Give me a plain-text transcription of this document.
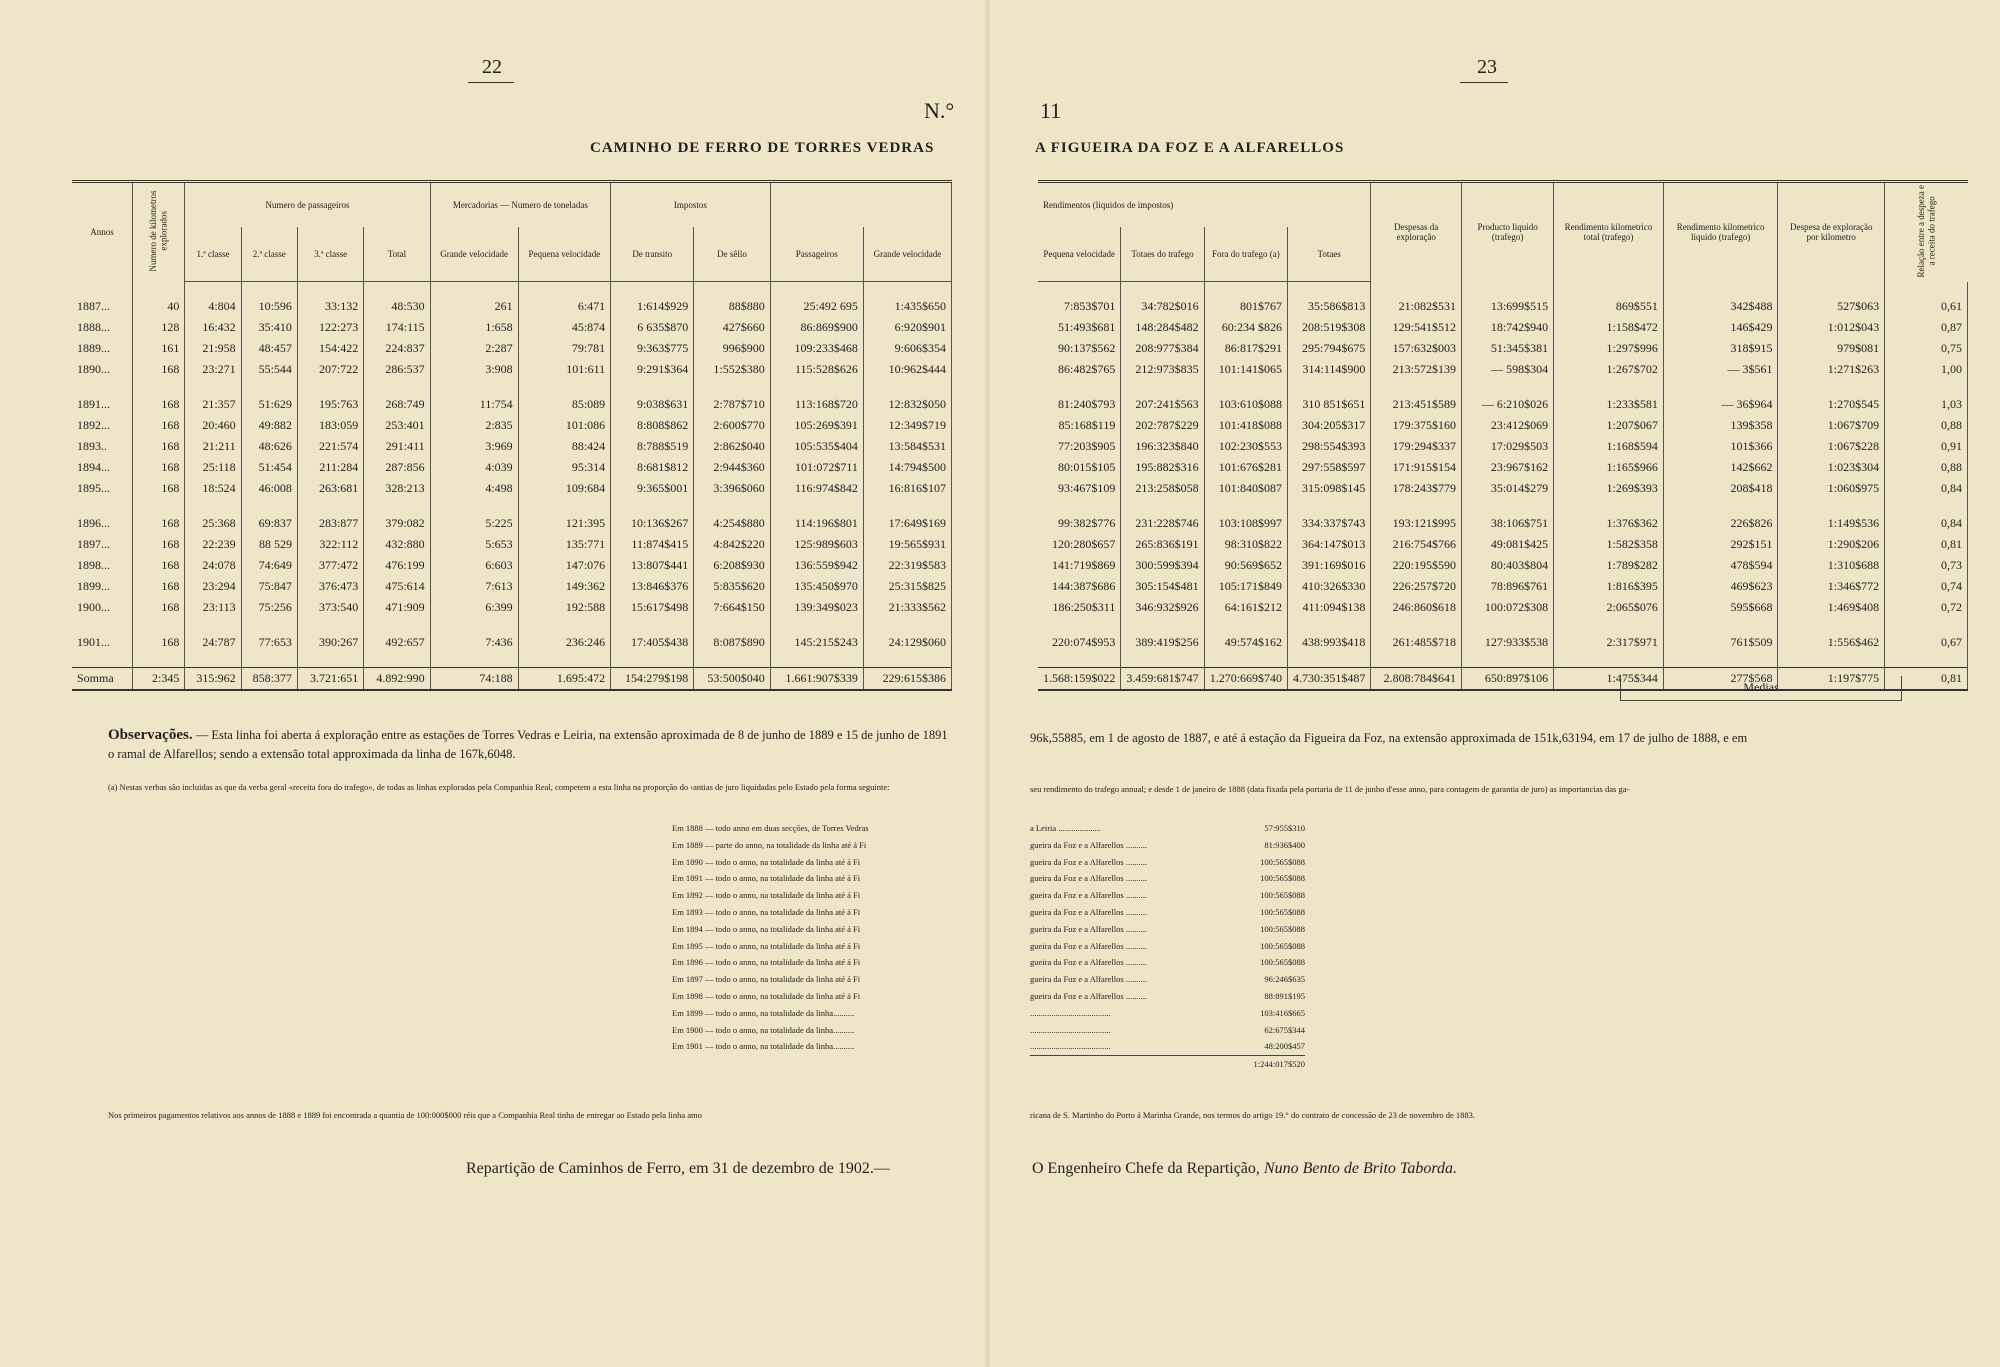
22
N.°
CAMINHO DE FERRO DE TORRES VEDRAS
Annos	Numero de kilometros explorados	Numero de passageiros				Mercadorias — Numero de toneladas		Impostos			
		1.ª classe	2.ª classe	3.ª classe	Total	Grande velocidade	Pequena velocidade	De transito	De sêllo	Passageiros	Grande velocidade

1887...	40	4:804	10:596	33:132	48:530	261	6:471	1:614$929	88$880	25:492 695	1:435$650
1888...	128	16:432	35:410	122:273	174:115	1:658	45:874	6 635$870	427$660	86:869$900	6:920$901
1889...	161	21:958	48:457	154:422	224:837	2:287	79:781	9:363$775	996$900	109:233$468	9:606$354
1890...	168	23:271	55:544	207:722	286:537	3:908	101:611	9:291$364	1:552$380	115:528$626	10:962$444

1891...	168	21:357	51:629	195:763	268:749	11:754	85:089	9:038$631	2:787$710	113:168$720	12:832$050
1892...	168	20:460	49:882	183:059	253:401	2:835	101:086	8:808$862	2:600$770	105:269$391	12:349$719
1893..	168	21:211	48:626	221:574	291:411	3:969	88:424	8:788$519	2:862$040	105:535$404	13:584$531
1894...	168	25:118	51:454	211:284	287:856	4:039	95:314	8:681$812	2:944$360	101:072$711	14:794$500
1895...	168	18:524	46:008	263:681	328:213	4:498	109:684	9:365$001	3:396$060	116:974$842	16:816$107

1896...	168	25:368	69:837	283:877	379:082	5:225	121:395	10:136$267	4:254$880	114:196$801	17:649$169
1897...	168	22:239	88 529	322:112	432:880	5:653	135:771	11:874$415	4:842$220	125:989$603	19:565$931
1898...	168	24:078	74:649	377:472	476:199	6:603	147:076	13:807$441	6:208$930	136:559$942	22:319$583
1899...	168	23:294	75:847	376:473	475:614	7:613	149:362	13:846$376	5:835$620	135:450$970	25:315$825
1900...	168	23:113	75:256	373:540	471:909	6:399	192:588	15:617$498	7:664$150	139:349$023	21:333$562

1901...	168	24:787	77:653	390:267	492:657	7:436	236:246	17:405$438	8:087$890	145:215$243	24:129$060

Somma	2:345	315:962	858:377	3.721:651	4.892:990	74:188	1.695:472	154:279$198	53:500$040	1.661:907$339	229:615$386
Observações. — Esta linha foi aberta á exploração entre as estações de Torres Vedras e Leiria, na extensão aproximada de 8 de junho de 1889 e 15 de junho de 1891 o ramal de Alfarellos; sendo a extensão total approximada da linha de 167k,6048.
(a) Nestas verbas são incluidas as que da verba geral «receita fora do trafego», de todas as linhas exploradas pela Companhia Real, competem a esta linha na proporção do ›antias de juro liquidadas pelo Estado pela forma seguinte:
Em 1888 — todo anno em duas secções, de Torres Vedras
Em 1889 — parte do anno, na totalidade da linha até á Fi
Em 1890 — todo o anno, na totalidade da linha até á Fi
Em 1891 — todo o anno, na totalidade da linha até á Fi
Em 1892 — todo o anno, na totalidade da linha até á Fi
Em 1893 — todo o anno, na totalidade da linha até á Fi
Em 1894 — todo o anno, na totalidade da linha até á Fi
Em 1895 — todo o anno, na totalidade da linha até á Fi
Em 1896 — todo o anno, na totalidade da linha até á Fi
Em 1897 — todo o anno, na totalidade da linha até á Fi
Em 1898 — todo o anno, na totalidade da linha até á Fi
Em 1899 — todo o anno, na totalidade da linha..........
Em 1900 — todo o anno, na totalidade da linha..........
Em 1901 — todo o anno, na totalidade da linha..........
Nos primeiros pagamentos relativos aos annos de 1888 e 1889 foi encontrada a quantia de 100:000$000 réis que a Companhia Real tinha de entregar ao Estado pela linha amo
Repartição de Caminhos de Ferro, em 31 de dezembro de 1902.—
23
11
A FIGUEIRA DA FOZ E A ALFARELLOS
Rendimentos (liquidos de impostos)				Despesas da exploração	Producto liquido (trafego)	Rendimento kilometrico total (trafego)	Rendimento kilometrico liquido (trafego)	Despesa de exploração por kilometro	Relação entre a despeza e a receita do trafego
Pequena velocidade	Totaes do trafego	Fora do trafego (a)	Totaes						

7:853$701	34:782$016	801$767	35:586$813	21:082$531	13:699$515	869$551	342$488	527$063	0,61
51:493$681	148:284$482	60:234 $826	208:519$308	129:541$512	18:742$940	1:158$472	146$429	1:012$043	0,87
90:137$562	208:977$384	86:817$291	295:794$675	157:632$003	51:345$381	1:297$996	318$915	979$081	0,75
86:482$765	212:973$835	101:141$065	314:114$900	213:572$139	— 598$304	1:267$702	— 3$561	1:271$263	1,00

81:240$793	207:241$563	103:610$088	310 851$651	213:451$589	— 6:210$026	1:233$581	— 36$964	1:270$545	1,03
85:168$119	202:787$229	101:418$088	304:205$317	179:375$160	23:412$069	1:207$067	139$358	1:067$709	0,88
77:203$905	196:323$840	102:230$553	298:554$393	179:294$337	17:029$503	1:168$594	101$366	1:067$228	0,91
80:015$105	195:882$316	101:676$281	297:558$597	171:915$154	23:967$162	1:165$966	142$662	1:023$304	0,88
93:467$109	213:258$058	101:840$087	315:098$145	178:243$779	35:014$279	1:269$393	208$418	1:060$975	0,84

99:382$776	231:228$746	103:108$997	334:337$743	193:121$995	38:106$751	1:376$362	226$826	1:149$536	0,84
120:280$657	265:836$191	98:310$822	364:147$013	216:754$766	49:081$425	1:582$358	292$151	1:290$206	0,81
141:719$869	300:599$394	90:569$652	391:169$016	220:195$590	80:403$804	1:789$282	478$594	1:310$688	0,73
144:387$686	305:154$481	105:171$849	410:326$330	226:257$720	78:896$761	1:816$395	469$623	1:346$772	0,74
186:250$311	346:932$926	64:161$212	411:094$138	246:860$618	100:072$308	2:065$076	595$668	1:469$408	0,72

220:074$953	389:419$256	49:574$162	438:993$418	261:485$718	127:933$538	2:317$971	761$509	1:556$462	0,67

1.568:159$022	3.459:681$747	1.270:669$740	4.730:351$487	2.808:784$641	650:897$106	1:475$344	277$568	1:197$775	0,81
Medias
96k,55885, em 1 de agosto de 1887, e até á estação da Figueira da Foz, na extensão approximada de 151k,63194, em 17 de julho de 1888, e em
seu rendimento do trafego annual; e desde 1 de janeiro de 1888 (data fixada pela portaria de 11 de junho d'esse anno, para contagem de garantia de juro) as importancias das ga-
a Leiria ....................	57:955$310
gueira da Foz e a Alfarellos ..........	81:936$400
gueira da Foz e a Alfarellos ..........	100:565$088
gueira da Foz e a Alfarellos ..........	100:565$088
gueira da Foz e a Alfarellos ..........	100:565$088
gueira da Foz e a Alfarellos ..........	100:565$088
gueira da Foz e a Alfarellos ..........	100:565$088
gueira da Foz e a Alfarellos ..........	100:565$088
gueira da Foz e a Alfarellos ..........	100:565$088
gueira da Foz e a Alfarellos ..........	96:246$635
gueira da Foz e a Alfarellos ..........	88:891$195
......................................	103:416$665
......................................	62:675$344
......................................	48:200$457
1:244:017$520
ricana de S. Martinho do Porto á Marinha Grande, nos termos do artigo 19.° do contrato de concessão de 23 de novembro de 1883.
O Engenheiro Chefe da Repartição, Nuno Bento de Brito Taborda.
